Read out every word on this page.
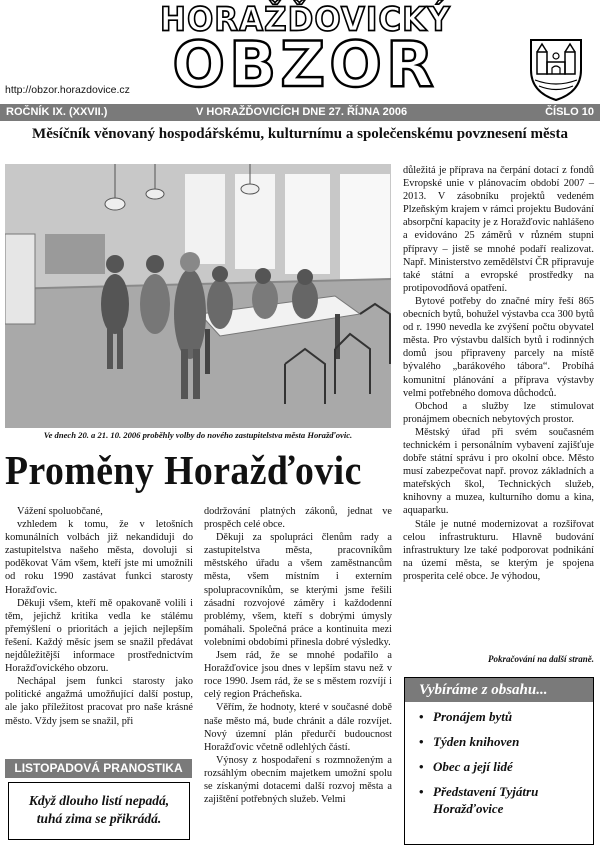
HORAŽĎOVICKÝ
OBZOR
http://obzor.horazdovice.cz
ROČNÍK IX. (XXVII.)	V HORAŽĎOVICÍCH DNE 27. ŘÍJNA 2006	ČÍSLO 10
Měsíčník věnovaný hospodářskému, kulturnímu a společenskému povznesení města
Ve dnech 20. a 21. 10. 2006 proběhly volby do nového zastupitelstva města Horažďovic.
Proměny Horažďovic

Vážení spoluobčané,

vzhledem k tomu, že v letošních komunálních volbách již nekandiduji do zastupitelstva našeho města, dovoluji si poděkovat Vám všem, kteří jste mi umožnili od roku 1990 zastávat funkci starosty Horažďovic.

Děkuji všem, kteří mě opakovaně volili i těm, jejichž kritika vedla ke stálému přemýšlení o prioritách a jejich nejlepším řešení. Každý měsíc jsem se snažil předávat nejdůležitější informace prostřednictvím Horažďovického obzoru.

Nechápal jsem funkci starosty jako politické angažmá umožňující další postup, ale jako příležitost pracovat pro naše krásné město. Vždy jsem se snažil, při

LISTOPADOVÁ PRANOSTIKA
Když dlouho listí nepadá, tuhá zima se přikrádá.

dodržování platných zákonů, jednat ve prospěch celé obce.

Děkuji za spolupráci členům rady a zastupitelstva města, pracovníkům městského úřadu a všem zaměstnancům města, všem místním i externím spolupracovníkům, se kterými jsme řešili zásadní rozvojové záměry i každodenní problémy, všem, kteří s dobrými úmysly pomáhali. Společná práce a kontinuita mezi volebními obdobími přinesla dobré výsledky.

Jsem rád, že se mnohé podařilo a Horažďovice jsou dnes v lepším stavu než v roce 1990. Jsem rád, že se s městem rozvíjí i celý region Prácheňska.

Věřím, že hodnoty, které v současné době naše město má, bude chránit a dále rozvíjet. Nový územní plán předurčí budoucnost Horažďovic včetně odlehlých částí.

Výnosy z hospodaření s rozmnoženým a rozsáhlým obecním majetkem umožní spolu se získanými dotacemi další rozvoj města a zajištění potřebných služeb. Velmi

důležitá je příprava na čerpání dotací z fondů Evropské unie v plánovacím období 2007 – 2013. V zásobníku projektů vedeném Plzeňským krajem v rámci projektu Budování absorpční kapacity je z Horažďovic nahlášeno a evidováno 25 záměrů v různém stupni přípravy – jistě se mnohé podaří realizovat. Např. Ministerstvo zemědělství ČR připravuje také státní a evropské prostředky na protipovodňová opatření.

Bytové potřeby do značné míry řeší 865 obecních bytů, bohužel výstavba cca 300 bytů od r. 1990 nevedla ke zvýšení počtu obyvatel města. Pro výstavbu dalších bytů i rodinných domů jsou připraveny parcely na místě bývalého „barákového tábora“. Probíhá komunitní plánování a příprava výstavby velmi potřebného domova důchodců.

Obchod a služby lze stimulovat pronájmem obecních nebytových prostor.

Městský úřad při svém současném technickém i personálním vybavení zajišťuje dobře státní správu i pro okolní obce. Město musí zabezpečovat např. provoz základních a mateřských škol, Technických služeb, knihovny a muzea, kulturního domu a kina, aquaparku.

Stále je nutné modernizovat a rozšiřovat celou infrastrukturu. Hlavně budování infrastruktury lze také podporovat podnikání na území města, se kterým je spojena prosperita celé obce. Je výhodou,

Pokračování na další straně.
Vybíráme z obsahu...
• Pronájem bytů
• Týden knihoven
• Obec a její lidé
• Představení Tyjátru Horažďovice
